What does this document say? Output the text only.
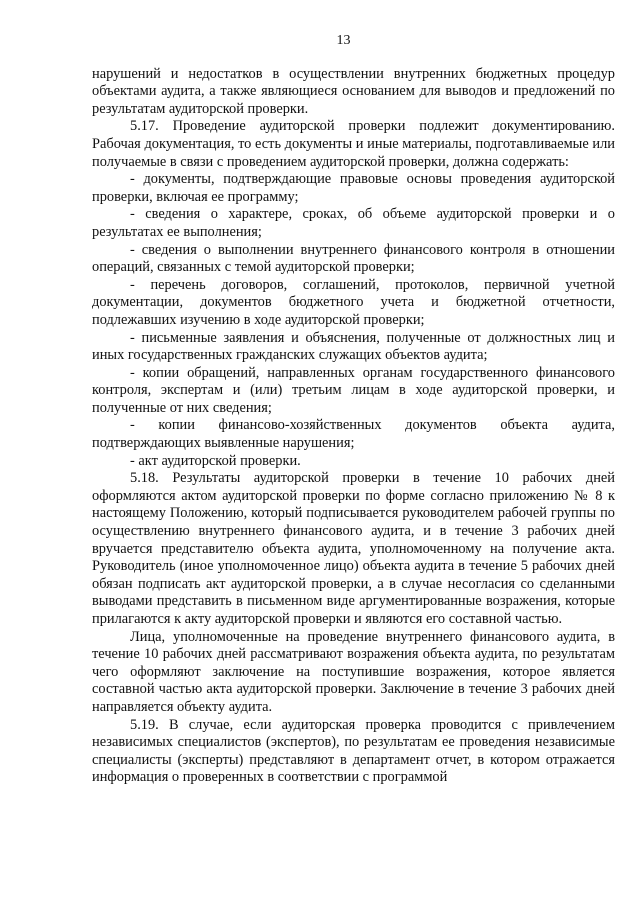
13

нарушений и недостатков в осуществлении внутренних бюджетных процедур объектами аудита, а также являющиеся основанием для выводов и предложений по результатам аудиторской проверки.

5.17. Проведение аудиторской проверки подлежит документированию. Рабочая документация, то есть документы и иные материалы, подготавливаемые или получаемые в связи с проведением аудиторской проверки, должна содержать:

- документы, подтверждающие правовые основы проведения аудиторской проверки, включая ее программу;

- сведения о характере, сроках, об объеме аудиторской проверки и о результатах ее выполнения;

- сведения о выполнении внутреннего финансового контроля в отношении операций, связанных с темой аудиторской проверки;

- перечень договоров, соглашений, протоколов, первичной учетной документации, документов бюджетного учета и бюджетной отчетности, подлежавших изучению в ходе аудиторской проверки;

- письменные заявления и объяснения, полученные от должностных лиц и иных государственных гражданских служащих объектов аудита;

- копии обращений, направленных органам государственного финансового контроля, экспертам и (или) третьим лицам в ходе аудиторской проверки, и полученные от них сведения;

- копии финансово-хозяйственных документов объекта аудита, подтверждающих выявленные нарушения;

- акт аудиторской проверки.

5.18. Результаты аудиторской проверки в течение 10 рабочих дней оформляются актом аудиторской проверки по форме согласно приложению № 8 к настоящему Положению, который подписывается руководителем рабочей группы по осуществлению внутреннего финансового аудита, и в течение 3 рабочих дней вручается представителю объекта аудита, уполномоченному на получение акта. Руководитель (иное уполномоченное лицо) объекта аудита в течение 5 рабочих дней обязан подписать акт аудиторской проверки, а в случае несогласия со сделанными выводами представить в письменном виде аргументированные возражения, которые прилагаются к акту аудиторской проверки и являются его составной частью.

Лица, уполномоченные на проведение внутреннего финансового аудита, в течение 10 рабочих дней рассматривают возражения объекта аудита, по результатам чего оформляют заключение на поступившие возражения, которое является составной частью акта аудиторской проверки. Заключение в течение 3 рабочих дней направляется объекту аудита.

5.19. В случае, если аудиторская проверка проводится с привлечением независимых специалистов (экспертов), по результатам ее проведения независимые специалисты (эксперты) представляют в департамент отчет, в котором отражается информация о проверенных в соответствии с программой
